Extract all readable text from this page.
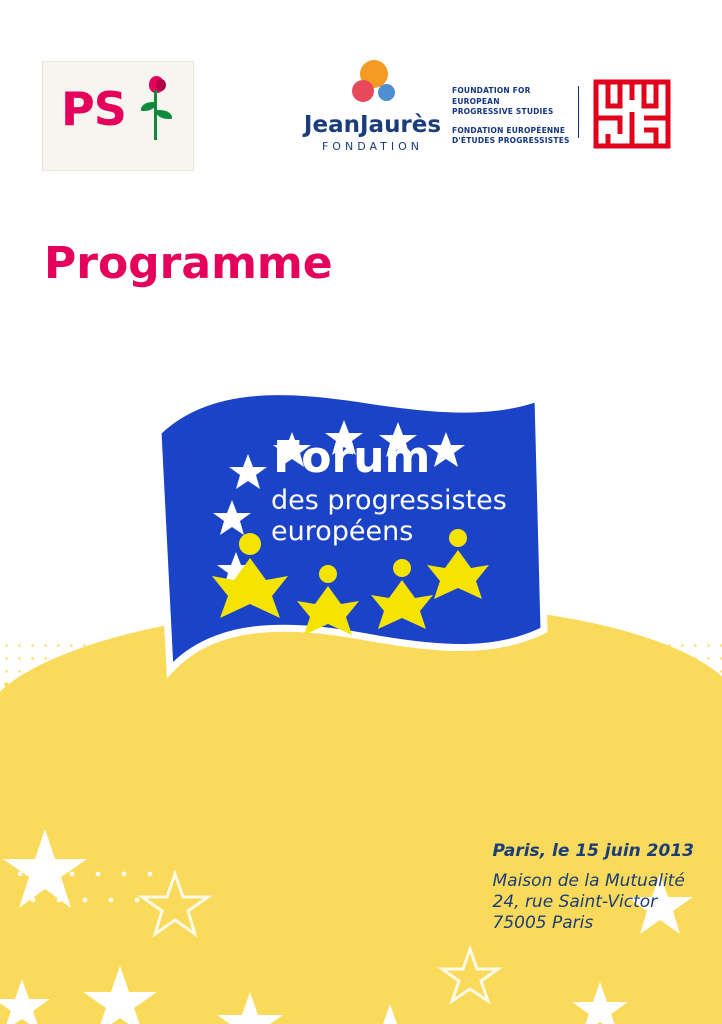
PS	JeanJaurès
FONDATION
FOUNDATION FOR EUROPEAN
PROGRESSIVE STUDIES
FONDATION EUROPÉENNE
D'ÉTUDES PROGRESSISTES
Programme
Forum
des progressistes
européens
Paris, le 15 juin 2013
Maison de la Mutualité
24, rue Saint-Victor
75005 Paris
